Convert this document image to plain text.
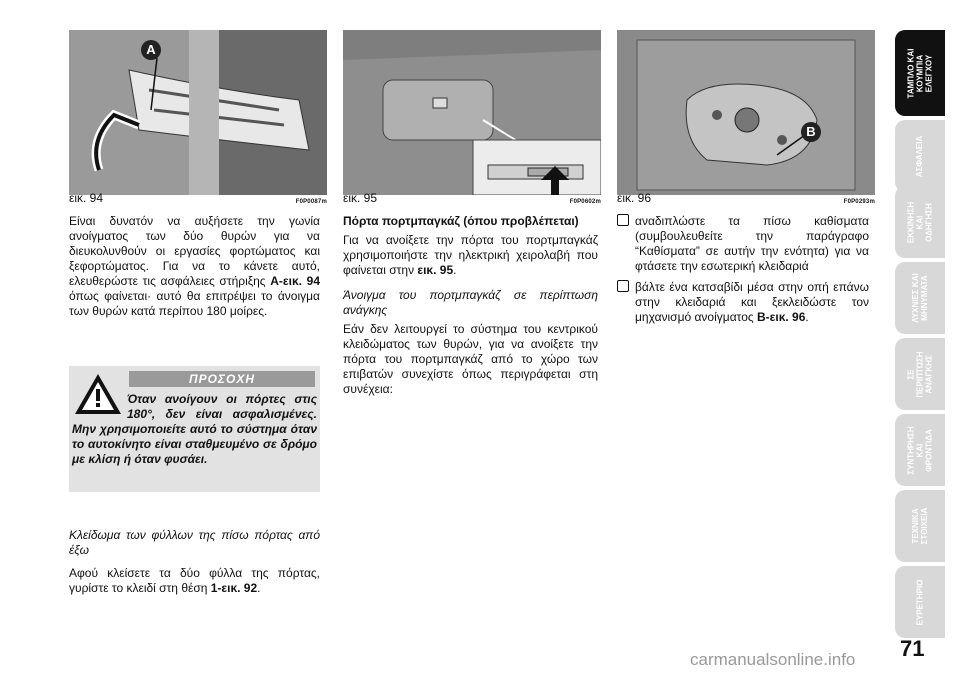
A
εικ. 94	F0P0087m εικ. 95	F0P0602m
B
εικ. 96	F0P0293m

Είναι δυνατόν να αυξήσετε την γωνία ανοίγματος των δύο θυρών για να διευκολυνθούν οι εργασίες φορτώματος και ξεφορτώματος. Για να το κάνετε αυτό, ελευθερώστε τις ασφάλειες στήριξης A-εικ. 94 όπως φαίνεται· αυτό θα επιτρέψει το άνοιγμα των θυρών κατά περίπου 180 μοίρες.

ΠΡΟΣΟΧΗ
Όταν ανοίγουν οι πόρτες στις 180°, δεν είναι ασφαλισμένες. Μην χρησιμοποιείτε αυτό το σύστημα όταν το αυτοκίνητο είναι σταθμευμένο σε δρόμο με κλίση ή όταν φυσάει.

Κλείδωμα των φύλλων της πίσω πόρτας από έξω

Αφού κλείσετε τα δύο φύλλα της πόρτας, γυρίστε το κλειδί στη θέση 1-εικ. 92.

Πόρτα πορτμπαγκάζ (όπου προβλέπεται)

Για να ανοίξετε την πόρτα του πορτμπαγκάζ χρησιμοποιήστε την ηλεκτρική χειρολαβή που φαίνεται στην εικ. 95.

Άνοιγμα του πορτμπαγκάζ σε περίπτωση ανάγκης

Εάν δεν λειτουργεί το σύστημα του κεντρικού κλειδώματος των θυρών, για να ανοίξετε την πόρτα του πορτμπαγκάζ από το χώρο των επιβατών συνεχίστε όπως περιγράφεται στη συνέχεια:

αναδιπλώστε τα πίσω καθίσματα (συμβουλευθείτε την παράγραφο “Καθίσματα” σε αυτήν την ενότητα) για να φτάσετε την εσωτερική κλειδαριά
βάλτε ένα κατσαβίδι μέσα στην οπή επάνω στην κλειδαριά και ξεκλειδώστε τον μηχανισμό ανοίγματος B-εικ. 96.
ΤΑΜΠΛΟ ΚΑΙ ΚΟΥΜΠΙΑ ΕΛΕΓΧΟΥ
ΑΣΦΑΛΕΙΑ
ΕΚΚΙΝΗΣΗ ΚΑΙ ΟΔΗΓΗΣΗ
ΛΥΧΝΙΕΣ ΚΑΙ ΜΗΝΥΜΑΤΑ
ΣΕ ΠΕΡΙΠΤΩΣΗ ΑΝΑΓΚΗΣ
ΣΥΝΤΗΡΗΣΗ ΚΑΙ ΦΡΟΝΤΙΔΑ
ΤΕΧΝΙΚΑ ΣΤΟΙΧΕΙΑ
ΕΥΡΕΤΗΡΙΟ
71
carmanualsonline.info
